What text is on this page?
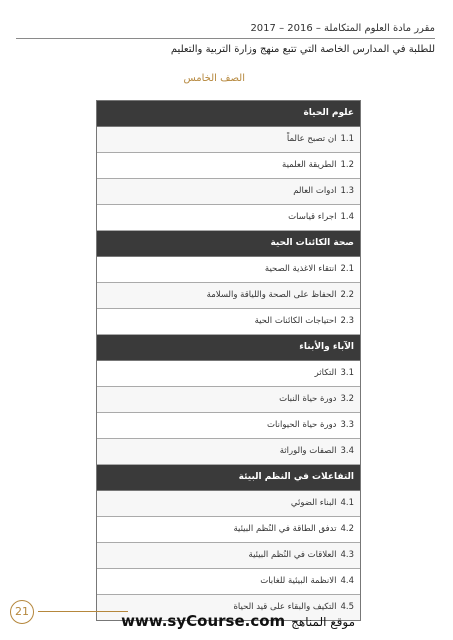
مقرر مادة العلوم المتكاملة – 2016 – 2017
للطلبة في المدارس الخاصة التي تتبع منهج وزارة التربية والتعليم
الصف الخامس
علوم الحياة
1.1ان تصبح عالماً
1.2الطريقة العلمية
1.3ادوات العالم
1.4اجراء قياسات
صحة الكائنات الحية
2.1انتقاء الاغذية الصحية
2.2الحفاظ على الصحة واللياقة والسلامة
2.3احتياجات الكائنات الحية
الآباء والأبناء
3.1التكاثر
3.2دورة حياة النبات
3.3دورة حياة الحيوانات
3.4الصفات والوراثة
التفاعلات في النظم البيئة
4.1البناء الضوئي
4.2تدفق الطاقة في النُظم البيئية
4.3العلاقات في النُظم البيئية
4.4الانظمة البيئية للغابات
4.5التكيف والبقاء على قيد الحياة
21
موقع المناهجwww.syCourse.com
